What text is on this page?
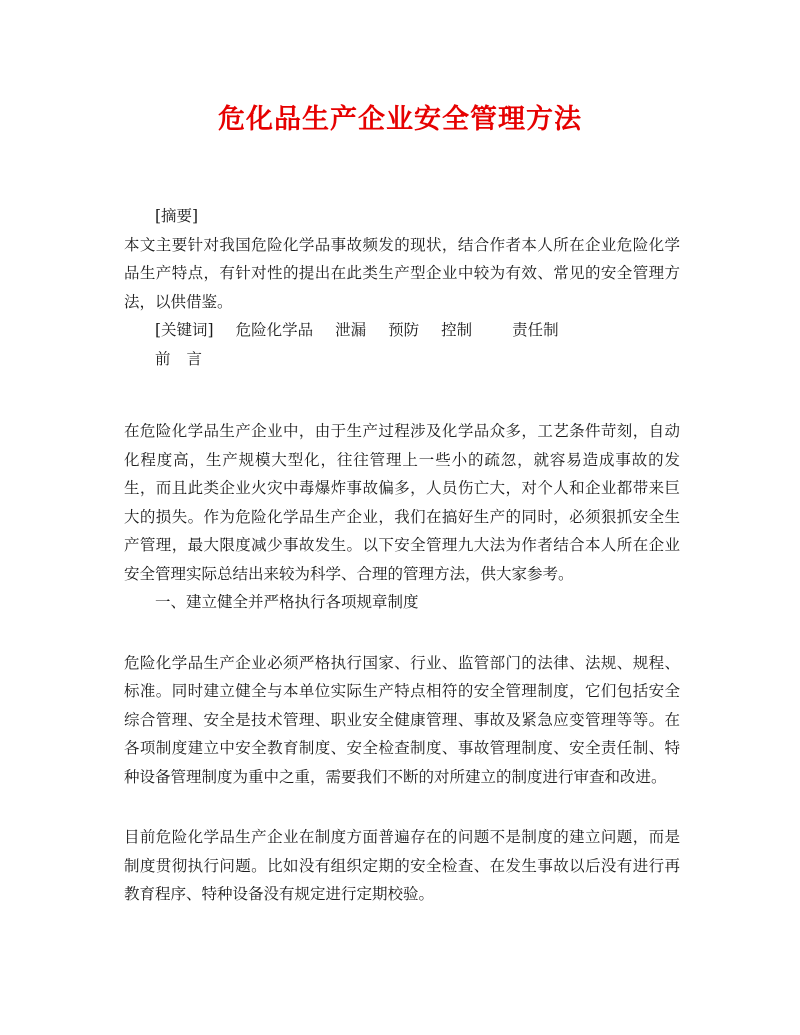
危化品生产企业安全管理方法

[摘要]

本文主要针对我国危险化学品事故频发的现状，结合作者本人所在企业危险化学品生产特点，有针对性的提出在此类生产型企业中较为有效、常见的安全管理方法，以供借鉴。

[关键词] 危险化学品 泄漏 预防 控制	责任制

前 言

在危险化学品生产企业中，由于生产过程涉及化学品众多，工艺条件苛刻，自动化程度高，生产规模大型化，往往管理上一些小的疏忽，就容易造成事故的发生，而且此类企业火灾中毒爆炸事故偏多，人员伤亡大，对个人和企业都带来巨大的损失。作为危险化学品生产企业，我们在搞好生产的同时，必须狠抓安全生产管理，最大限度减少事故发生。以下安全管理九大法为作者结合本人所在企业安全管理实际总结出来较为科学、合理的管理方法，供大家参考。

一、建立健全并严格执行各项规章制度

危险化学品生产企业必须严格执行国家、行业、监管部门的法律、法规、规程、标准。同时建立健全与本单位实际生产特点相符的安全管理制度，它们包括安全综合管理、安全是技术管理、职业安全健康管理、事故及紧急应变管理等等。在各项制度建立中安全教育制度、安全检查制度、事故管理制度、安全责任制、特种设备管理制度为重中之重，需要我们不断的对所建立的制度进行审查和改进。

目前危险化学品生产企业在制度方面普遍存在的问题不是制度的建立问题，而是制度贯彻执行问题。比如没有组织定期的安全检查、在发生事故以后没有进行再教育程序、特种设备没有规定进行定期校验。
